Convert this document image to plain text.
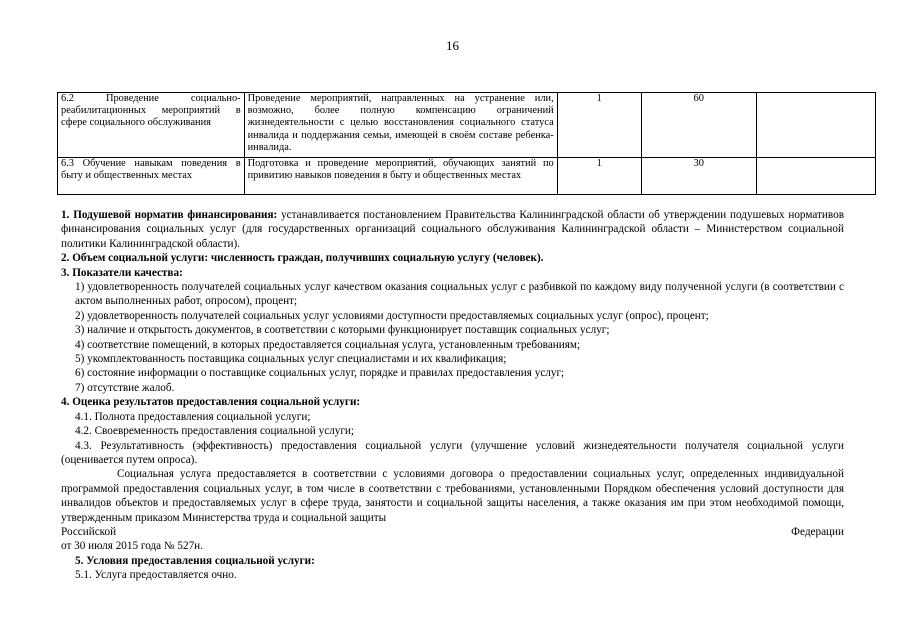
16
6.2 Проведение социально-реабилитационных мероприятий в сфере социального обслуживания	Проведение мероприятий, направленных на устранение или, возможно, более полную компенсацию ограничений жизнедеятельности с целью восстановления социального статуса инвалида и поддержания семьи, имеющей в своём составе ребенка-инвалида.	1	60	
6.3 Обучение навыкам поведения в быту и общественных местах	Подготовка и проведение мероприятий, обучающих занятий по привитию навыков поведения в быту и общественных местах	1	30	

1. Подушевой норматив финансирования: устанавливается постановлением Правительства Калининградской области об утверждении подушевых нормативов финансирования социальных услуг (для государственных организаций социального обслуживания Калининградской области – Министерством социальной политики Калининградской области).

2. Объем социальной услуги: численность граждан, получивших социальную услугу (человек).

3. Показатели качества:

1) удовлетворенность получателей социальных услуг качеством оказания социальных услуг с разбивкой по каждому виду полученной услуги (в соответствии с актом выполненных работ, опросом), процент;

2) удовлетворенность получателей социальных услуг условиями доступности предоставляемых социальных услуг (опрос), процент;

3) наличие и открытость документов, в соответствии с которыми функционирует поставщик социальных услуг;

4) соответствие помещений, в которых предоставляется социальная услуга, установленным требованиям;

5) укомплектованность поставщика социальных услуг специалистами и их квалификация;

6) состояние информации о поставщике социальных услуг, порядке и правилах предоставления услуг;

7) отсутствие жалоб.

4. Оценка результатов предоставления социальной услуги:

4.1. Полнота предоставления социальной услуги;

4.2. Своевременность предоставления социальной услуги;

4.3. Результативность (эффективность) предоставления социальной услуги (улучшение условий жизнедеятельности получателя социальной услуги (оценивается путем опроса).

Социальная услуга предоставляется в соответствии с условиями договора о предоставлении социальных услуг, определенных индивидуальной программой предоставления социальных услуг, в том числе в соответствии с требованиями, установленными Порядком обеспечения условий доступности для инвалидов объектов и предоставляемых услуг в сфере труда, занятости и социальной защиты населения, а также оказания им при этом необходимой помощи, утвержденным приказом Министерства труда и социальной защиты

Российской	Федерации

от 30 июля 2015 года № 527н.

5. Условия предоставления социальной услуги:

5.1. Услуга предоставляется очно.
